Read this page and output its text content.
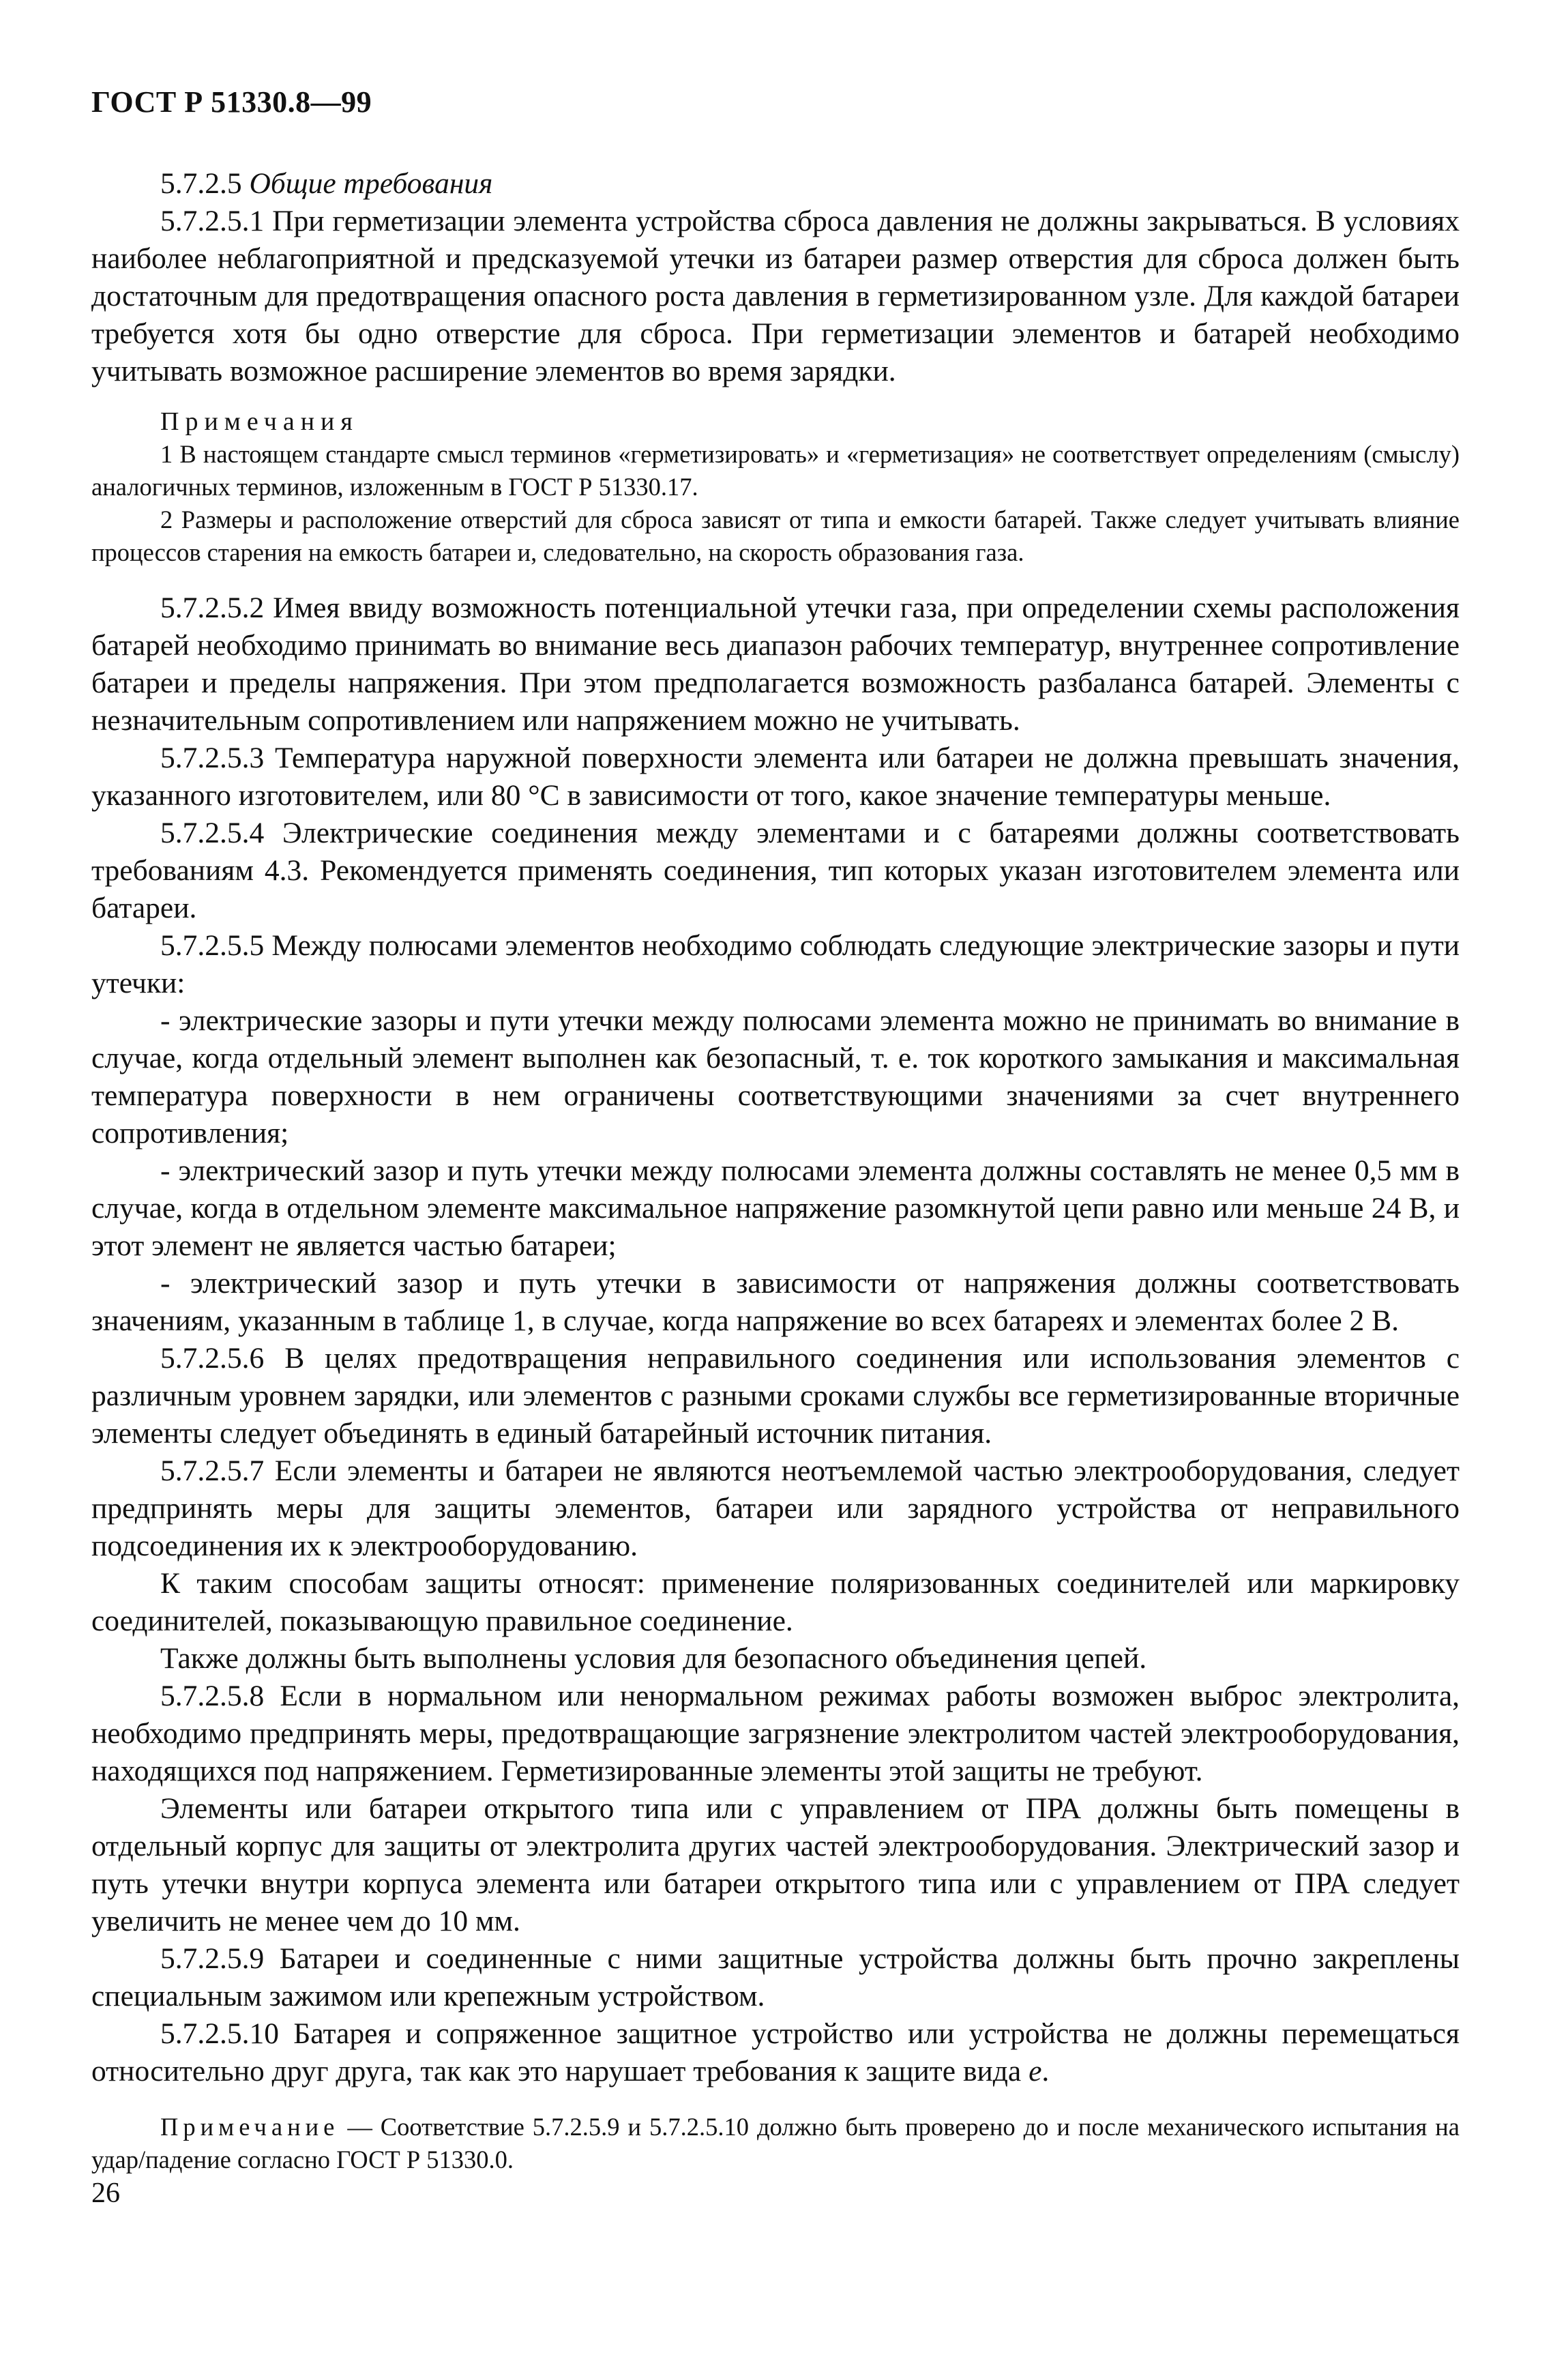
ГОСТ Р 51330.8—99

5.7.2.5 Общие требования

5.7.2.5.1 При герметизации элемента устройства сброса давления не должны закрываться. В условиях наиболее неблагоприятной и предсказуемой утечки из батареи размер отверстия для сброса должен быть достаточным для предотвращения опасного роста давления в герметизированном узле. Для каждой батареи требуется хотя бы одно отверстие для сброса. При герметизации элементов и батарей необходимо учитывать возможное расширение элементов во время зарядки.

Примечания

1 В настоящем стандарте смысл терминов «герметизировать» и «герметизация» не соответствует определениям (смыслу) аналогичных терминов, изложенным в ГОСТ Р 51330.17.

2 Размеры и расположение отверстий для сброса зависят от типа и емкости батарей. Также следует учитывать влияние процессов старения на емкость батареи и, следовательно, на скорость образования газа.

5.7.2.5.2 Имея ввиду возможность потенциальной утечки газа, при определении схемы расположения батарей необходимо принимать во внимание весь диапазон рабочих температур, внутреннее сопротивление батареи и пределы напряжения. При этом предполагается возможность разбаланса батарей. Элементы с незначительным сопротивлением или напряжением можно не учитывать.

5.7.2.5.3 Температура наружной поверхности элемента или батареи не должна превышать значения, указанного изготовителем, или 80 °С в зависимости от того, какое значение температуры меньше.

5.7.2.5.4 Электрические соединения между элементами и с батареями должны соответствовать требованиям 4.3. Рекомендуется применять соединения, тип которых указан изготовителем элемента или батареи.

5.7.2.5.5 Между полюсами элементов необходимо соблюдать следующие электрические зазоры и пути утечки:

- электрические зазоры и пути утечки между полюсами элемента можно не принимать во внимание в случае, когда отдельный элемент выполнен как безопасный, т. е. ток короткого замыкания и максимальная температура поверхности в нем ограничены соответствующими значениями за счет внутреннего сопротивления;

- электрический зазор и путь утечки между полюсами элемента должны составлять не менее 0,5 мм в случае, когда в отдельном элементе максимальное напряжение разомкнутой цепи равно или меньше 24 В, и этот элемент не является частью батареи;

- электрический зазор и путь утечки в зависимости от напряжения должны соответствовать значениям, указанным в таблице 1, в случае, когда напряжение во всех батареях и элементах более 2 В.

5.7.2.5.6 В целях предотвращения неправильного соединения или использования элементов с различным уровнем зарядки, или элементов с разными сроками службы все герметизированные вторичные элементы следует объединять в единый батарейный источник питания.

5.7.2.5.7 Если элементы и батареи не являются неотъемлемой частью электрооборудования, следует предпринять меры для защиты элементов, батареи или зарядного устройства от неправильного подсоединения их к электрооборудованию.

К таким способам защиты относят: применение поляризованных соединителей или маркировку соединителей, показывающую правильное соединение.

Также должны быть выполнены условия для безопасного объединения цепей.

5.7.2.5.8 Если в нормальном или ненормальном режимах работы возможен выброс электролита, необходимо предпринять меры, предотвращающие загрязнение электролитом частей электрооборудования, находящихся под напряжением. Герметизированные элементы этой защиты не требуют.

Элементы или батареи открытого типа или с управлением от ПРА должны быть помещены в отдельный корпус для защиты от электролита других частей электрооборудования. Электрический зазор и путь утечки внутри корпуса элемента или батареи открытого типа или с управлением от ПРА следует увеличить не менее чем до 10 мм.

5.7.2.5.9 Батареи и соединенные с ними защитные устройства должны быть прочно закреплены специальным зажимом или крепежным устройством.

5.7.2.5.10 Батарея и сопряженное защитное устройство или устройства не должны перемещаться относительно друг друга, так как это нарушает требования к защите вида е.

Примечание — Соответствие 5.7.2.5.9 и 5.7.2.5.10 должно быть проверено до и после механического испытания на удар/падение согласно ГОСТ Р 51330.0.

26
